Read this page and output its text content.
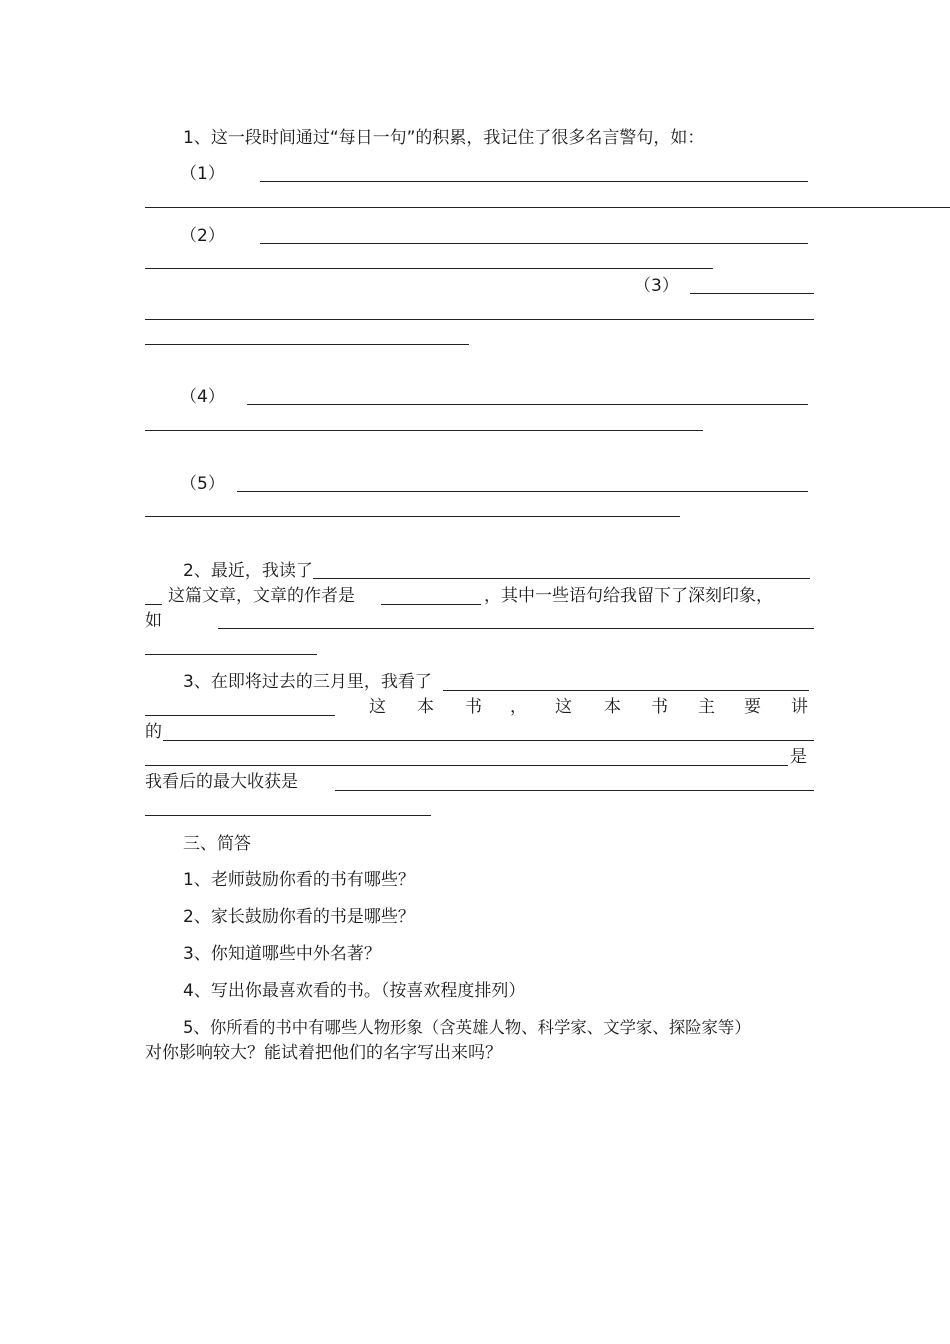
1、这一段时间通过“每日一句”的积累，我记住了很多名言警句，如：
（1）
（2）
（3）
（4）
（5）
2、最近，我读了
这篇文章，文章的作者是	，其中一些语句给我留下了深刻印象，
如
3、在即将过去的三月里，我看了
这 本 书 ， 这 本 书 主 要 讲
的
是
我看后的最大收获是
三、简答
1、老师鼓励你看的书有哪些？
2、家长鼓励你看的书是哪些？
3、你知道哪些中外名著？
4、写出你最喜欢看的书。（按喜欢程度排列）
5、你所看的书中有哪些人物形象（含英雄人物、科学家、文学家、探险家等）
对你影响较大？能试着把他们的名字写出来吗？
